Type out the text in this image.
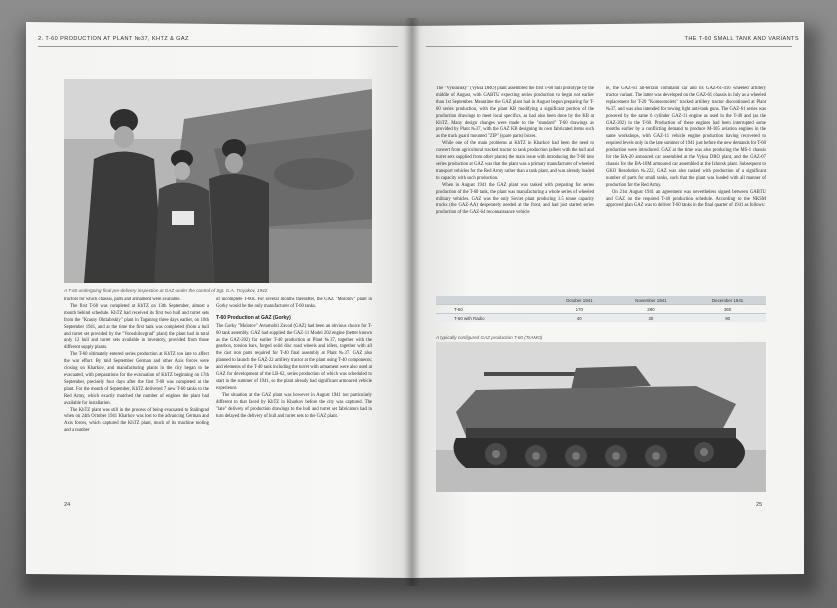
2. T-60 PRODUCTION AT PLANT №37, KHTZ & GAZ	THE T-60 SMALL TANK AND VARIANTS
A T-60 undergoing final pre-delivery inspection at GAZ under the control of Sgt. G.A. Troyakov, 1942.

tractors for which chassis, parts and armament were available.

The first T-60 was completed at KhTZ on 13th September, almost a month behind schedule. KhTZ had received its first two hull and turret sets from the "Krasny Oktiabrskiy" plant in Taganrog three days earlier, on 10th September 1941, and at the time the first tank was completed (from a hull and turret set provided by the "Voroshilovgrad" plant) the plant had in total only 12 hull and turret sets available in inventory, provided from those different supply plants.

The T-60 ultimately entered series production at KhTZ too late to affect the war effort. By mid September German and other Axis forces were closing on Kharkov, and manufacturing plants in the city began to be evacuated, with preparations for the evacuation of KhTZ beginning on 17th September, precisely four days after the first T-60 was completed at the plant. For the month of September, KhTZ delivered 7 new T-60 tanks to the Red Army, which exactly matched the number of engines the plant had available for installation.

The KhTZ plant was still in the process of being evacuated to Stalingrad when on 24th October 1941 Kharkov was lost to the advancing German and Axis forces, which captured the KhTZ plant, much of its machine tooling and a number

of incomplete T-60s. For several months thereafter, the GAZ "Molotov" plant in Gorky would be the only manufacturer of T-60 tanks.

T-60 Production at GAZ (Gorky)

The Gorky "Molotov" Avtomobil Zavod (GAZ) had been an obvious choice for T-60 tank assembly. GAZ had supplied the GAZ-11 Model 202 engine (better known as the GAZ-202) for earlier T-40 production at Plant №37, together with the gearbox, torsion bars, forged solid disc road wheels and idlers, together with all the cast iron parts required for T-40 final assembly at Plant №37. GAZ also planned to launch the GAZ-22 artillery tractor at the plant using T-40 components; and elements of the T-40 tank including the turret with armament were also used at GAZ for development of the LB-62, series production of which was scheduled to start in the summer of 1941, so the plant already had significant armoured vehicle experience.

The situation at the GAZ plant was however in August 1941 not particularly different to that faced by KhTZ in Kharkov before the city was captured. The "late" delivery of production drawings to the hull and turret set fabricators had in turn delayed the delivery of hull and turret sets to the GAZ plant.

24

The "Vyksunsky" (Vyksa DRO) plant assembled the first T-60 hull prototype by the middle of August, with GABTU expecting series production to begin not earlier than 1st September. Meantime the GAZ plant had in August begun preparing for T-60 series production, with the plant KB modifying a significant portion of the production drawings to meet local specifics, as had also been done by the KB at KhTZ. Many design changes were made to the "standard" T-60 drawings as provided by Plant №37, with the GAZ KB designing its own fabricated items such as the track guard mounted "ZIP" (spare parts) boxes.

While one of the main problems at KhTZ in Kharkov had been the need to convert from agricultural tracked tractor to tank production (albeit with the hull and turret sets supplied from other plants) the main issue with introducing the T-60 into series production at GAZ was that the plant was a primary manufacturer of wheeled transport vehicles for the Red Army rather than a tank plant, and was already loaded to capacity with such production.

When in August 1941 the GAZ plant was tasked with preparing for series production of the T-60 tank, the plant was manufacturing a whole series of wheeled military vehicles. GAZ was the only Soviet plant producing 1.5 tonne capacity trucks (the GAZ-AA) desperately needed at the front, and had just started series production of the GAZ-64 reconnaissance vehicle

le, the GAZ-61 all-terrain command car and its GAZ-61-416 wheeled artillery tractor variant. The latter was developed on the GAZ-61 chassis in July as a wheeled replacement for T-20 "Komsomolets" tracked artillery tractor discontinued at Plant №37, and was also intended for towing light anti-tank guns. The GAZ-61 series was powered by the same 6 cylinder GAZ-11 engine as used in the T-40 and (as the GAZ-202) in the T-60. Production of these engines had been interrupted some months earlier by a conflicting demand to produce M-105 aviation engines in the same workshops, with GAZ-11 vehicle engine production having recovered to required levels only in the late summer of 1941 just before the new demands for T-60 production were introduced. GAZ at the time was also producing the MS-1 chassis for the BA-20 armoured car assembled at the Vyksa DRO plant, and the GAZ-07 chassis for the BA-10M armoured car assembled at the Izhorsk plant. Subsequent to GKO Resolution №222, GAZ was also tasked with production of a significant number of parts for small tanks, such that the plant was loaded with all manner of production for the Red Army.

On 21st August 1941 an agreement was nevertheless signed between GABTU and GAZ on the required T-40 production schedule. According to the NKSM approved plan GAZ was to deliver T-60 tanks in the final quarter of 1941 as follows:

	October 1941	November 1941	December 1941
T-60	170	280	360
T-60 with Radio	40	30	90
A typically configured GAZ production T-60 (TsAMO)
25
